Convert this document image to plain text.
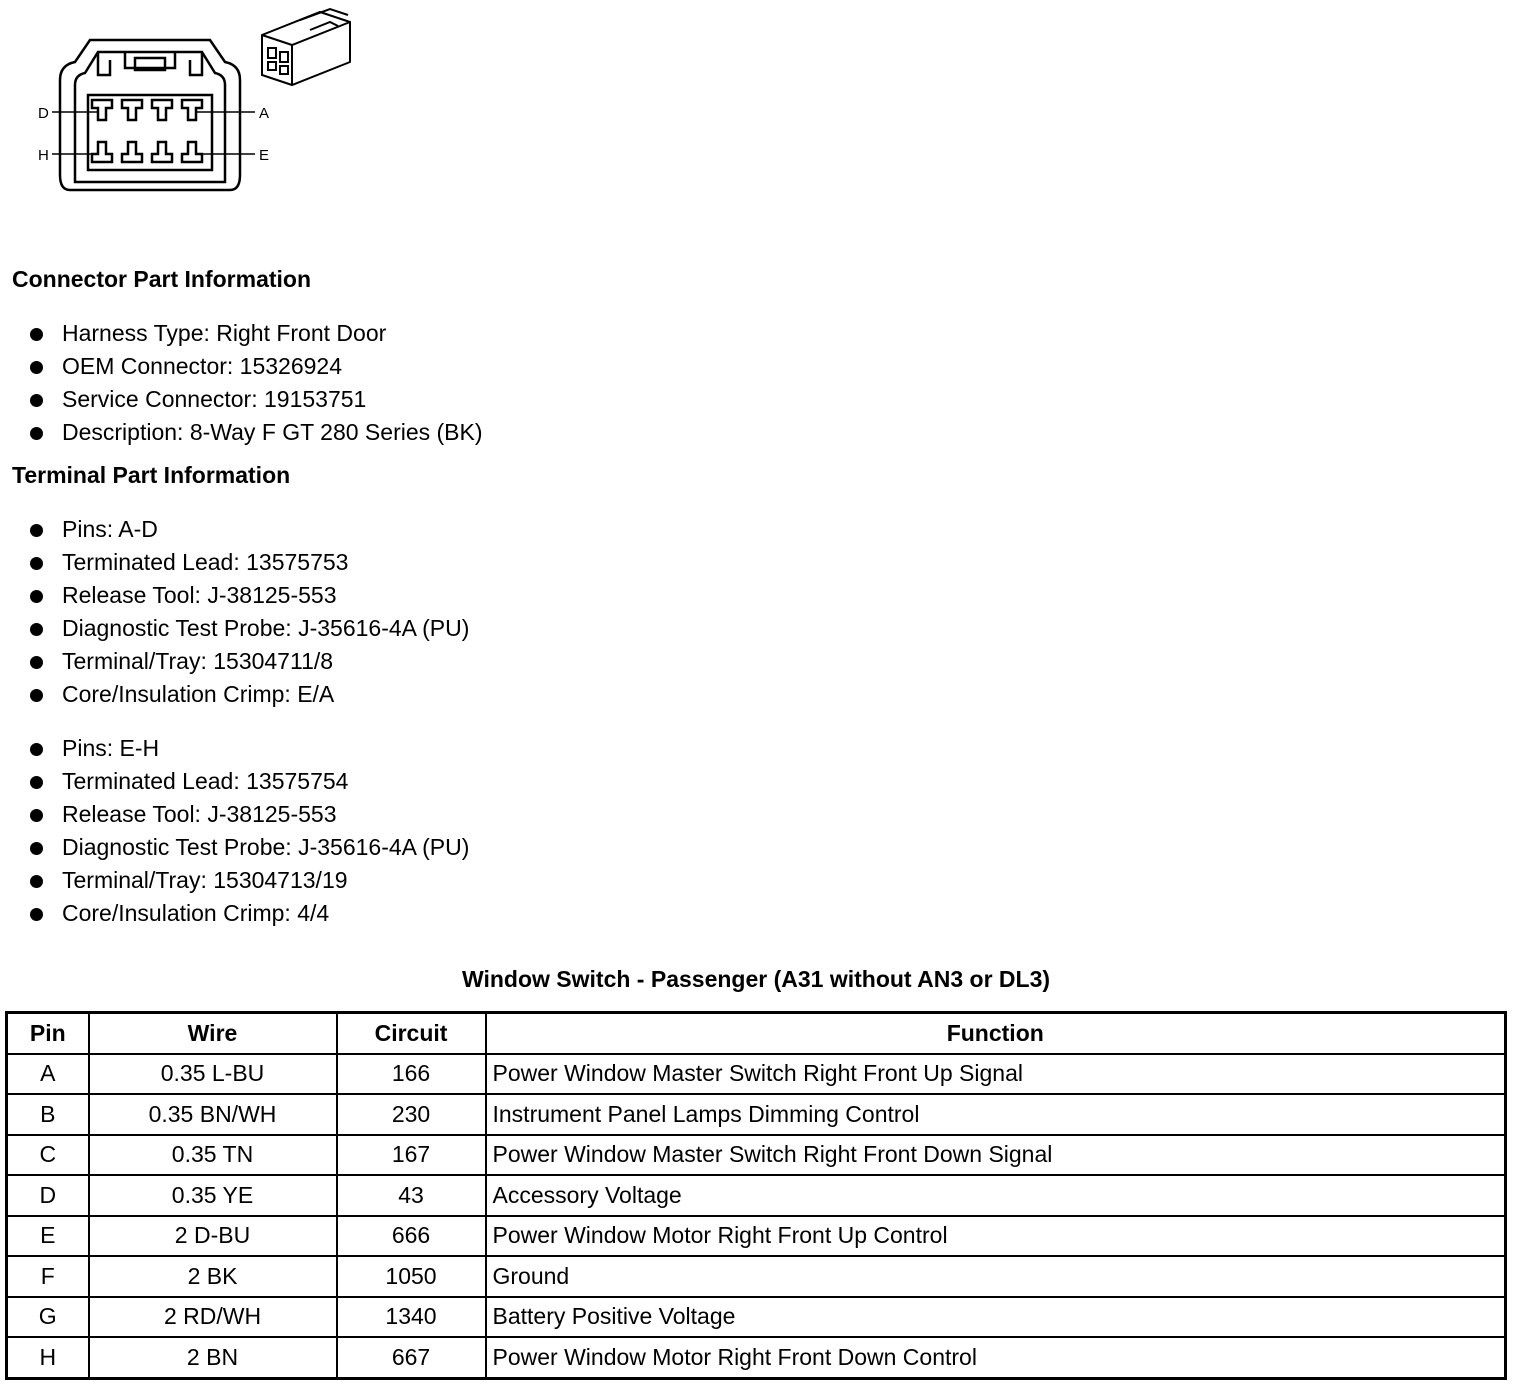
D	A
H	E
Connector Part Information
Harness Type: Right Front Door
OEM Connector: 15326924
Service Connector: 19153751
Description: 8-Way F GT 280 Series (BK)
Terminal Part Information
Pins: A-D
Terminated Lead: 13575753
Release Tool: J-38125-553
Diagnostic Test Probe: J-35616-4A (PU)
Terminal/Tray: 15304711/8
Core/Insulation Crimp: E/A
Pins: E-H
Terminated Lead: 13575754
Release Tool: J-38125-553
Diagnostic Test Probe: J-35616-4A (PU)
Terminal/Tray: 15304713/19
Core/Insulation Crimp: 4/4
Window Switch - Passenger (A31 without AN3 or DL3)
Pin	Wire	Circuit	Function
A	0.35 L-BU	166	Power Window Master Switch Right Front Up Signal
B	0.35 BN/WH	230	Instrument Panel Lamps Dimming Control
C	0.35 TN	167	Power Window Master Switch Right Front Down Signal
D	0.35 YE	43	Accessory Voltage
E	2 D-BU	666	Power Window Motor Right Front Up Control
F	2 BK	1050	Ground
G	2 RD/WH	1340	Battery Positive Voltage
H	2 BN	667	Power Window Motor Right Front Down Control
